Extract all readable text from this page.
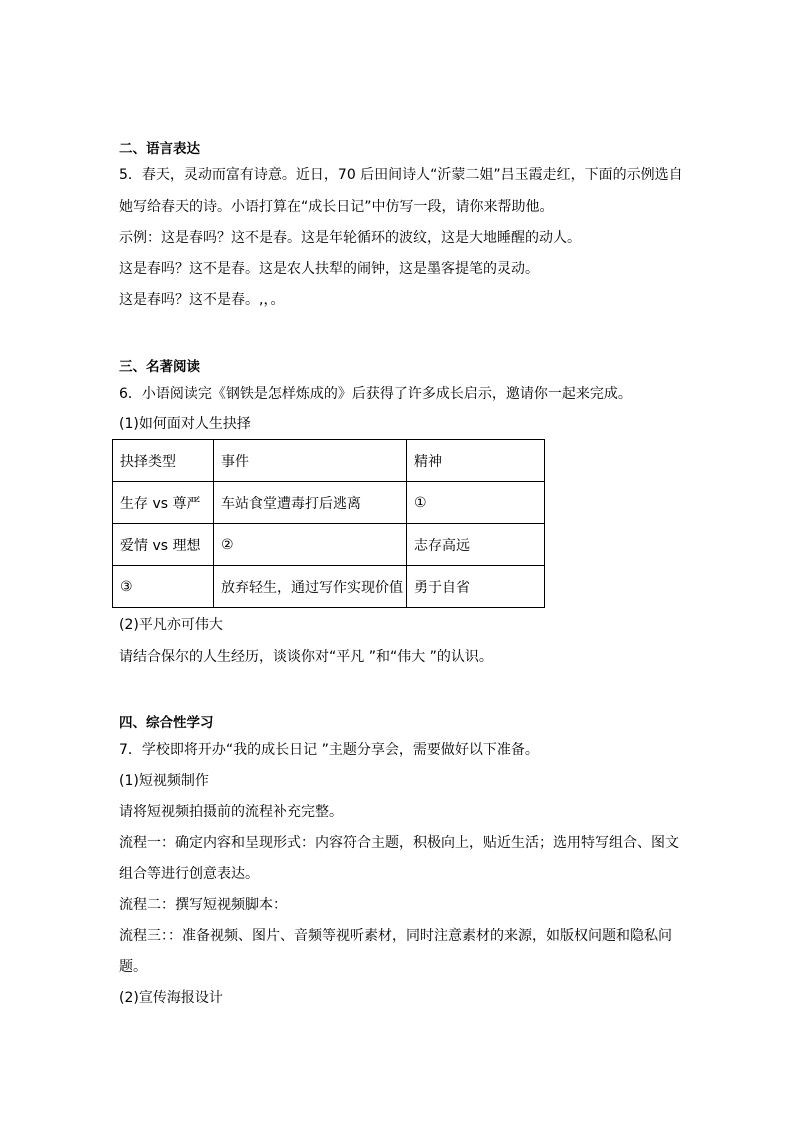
二、语言表达
5．春天，灵动而富有诗意。近日，70 后田间诗人“沂蒙二姐”吕玉霞走红，下面的示例选自
她写给春天的诗。小语打算在“成长日记”中仿写一段，请你来帮助他。
示例：这是春吗？这不是春。这是年轮循环的波纹，这是大地睡醒的动人。
这是春吗？这不是春。这是农人扶犁的闹钟，这是墨客提笔的灵动。
这是春吗？这不是春。,，。
三、名著阅读
6．小语阅读完《钢铁是怎样炼成的》后获得了许多成长启示，邀请你一起来完成。
(1)如何面对人生抉择
抉择类型	事件	精神
生存 vs 尊严	车站食堂遭毒打后逃离	①
爱情 vs 理想	②	志存高远
③	放弃轻生，通过写作实现价值	勇于自省
(2)平凡亦可伟大
请结合保尔的人生经历，谈谈你对“平凡 ”和“伟大 ”的认识。
四、综合性学习
7．学校即将开办“我的成长日记 ”主题分享会，需要做好以下准备。
(1)短视频制作
请将短视频拍摄前的流程补充完整。
流程一：确定内容和呈现形式：内容符合主题，积极向上，贴近生活；选用特写组合、图文
组合等进行创意表达。
流程二：撰写短视频脚本：
流程三：：准备视频、图片、音频等视听素材，同时注意素材的来源，如版权问题和隐私问
题。
(2)宣传海报设计
